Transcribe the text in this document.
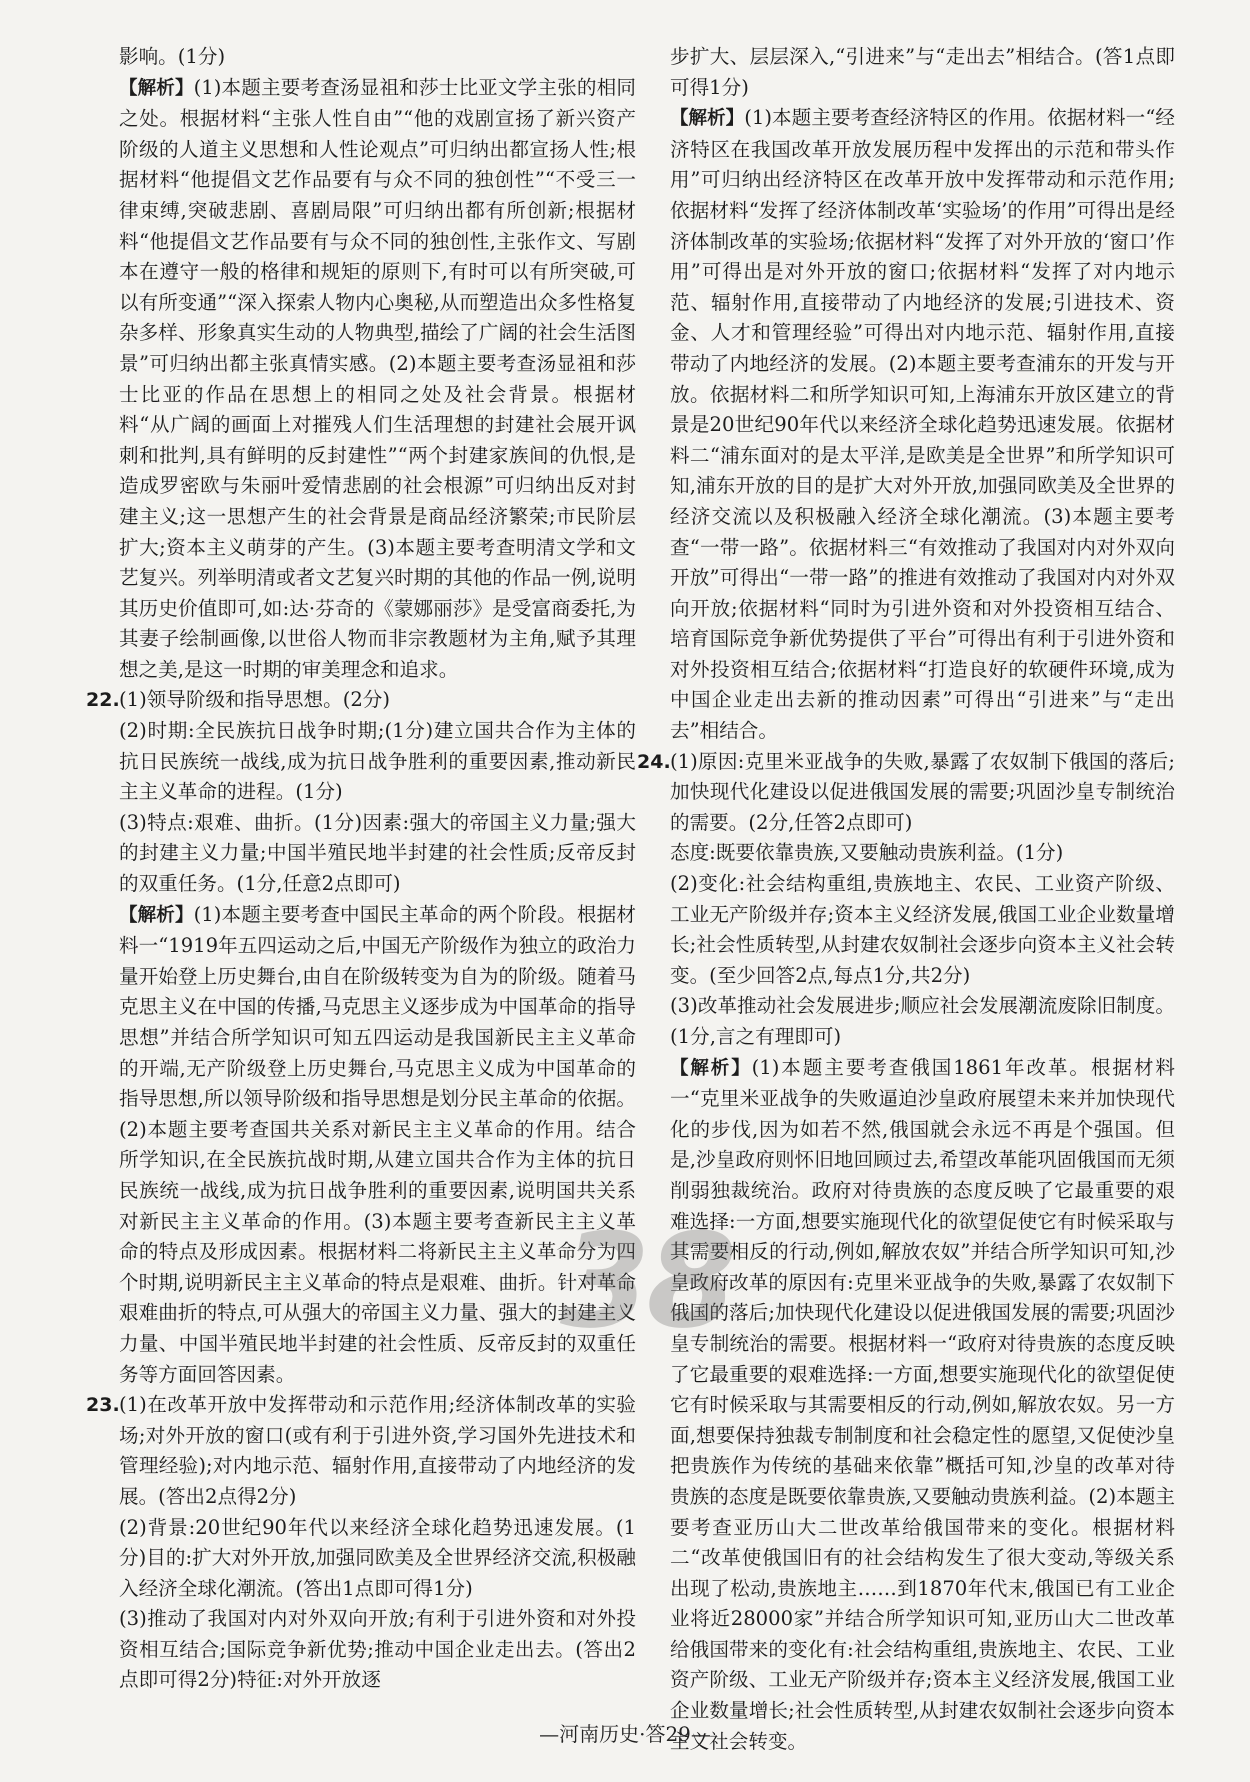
影响。(1分)

【解析】(1)本题主要考查汤显祖和莎士比亚文学主张的相同之处。根据材料“主张人性自由”“他的戏剧宣扬了新兴资产阶级的人道主义思想和人性论观点”可归纳出都宣扬人性;根据材料“他提倡文艺作品要有与众不同的独创性”“不受三一律束缚,突破悲剧、喜剧局限”可归纳出都有所创新;根据材料“他提倡文艺作品要有与众不同的独创性,主张作文、写剧本在遵守一般的格律和规矩的原则下,有时可以有所突破,可以有所变通”“深入探索人物内心奥秘,从而塑造出众多性格复杂多样、形象真实生动的人物典型,描绘了广阔的社会生活图景”可归纳出都主张真情实感。(2)本题主要考查汤显祖和莎士比亚的作品在思想上的相同之处及社会背景。根据材料“从广阔的画面上对摧残人们生活理想的封建社会展开讽刺和批判,具有鲜明的反封建性”“两个封建家族间的仇恨,是造成罗密欧与朱丽叶爱情悲剧的社会根源”可归纳出反对封建主义;这一思想产生的社会背景是商品经济繁荣;市民阶层扩大;资本主义萌芽的产生。(3)本题主要考查明清文学和文艺复兴。列举明清或者文艺复兴时期的其他的作品一例,说明其历史价值即可,如:达·芬奇的《蒙娜丽莎》是受富商委托,为其妻子绘制画像,以世俗人物而非宗教题材为主角,赋予其理想之美,是这一时期的审美理念和追求。

22. (1)领导阶级和指导思想。(2分)
(2)时期:全民族抗日战争时期;(1分)建立国共合作为主体的抗日民族统一战线,成为抗日战争胜利的重要因素,推动新民主主义革命的进程。(1分)
(3)特点:艰难、曲折。(1分)因素:强大的帝国主义力量;强大的封建主义力量;中国半殖民地半封建的社会性质;反帝反封的双重任务。(1分,任意2点即可)
【解析】(1)本题主要考查中国民主革命的两个阶段。根据材料一“1919年五四运动之后,中国无产阶级作为独立的政治力量开始登上历史舞台,由自在阶级转变为自为的阶级。随着马克思主义在中国的传播,马克思主义逐步成为中国革命的指导思想”并结合所学知识可知五四运动是我国新民主主义革命的开端,无产阶级登上历史舞台,马克思主义成为中国革命的指导思想,所以领导阶级和指导思想是划分民主革命的依据。(2)本题主要考查国共关系对新民主主义革命的作用。结合所学知识,在全民族抗战时期,从建立国共合作为主体的抗日民族统一战线,成为抗日战争胜利的重要因素,说明国共关系对新民主主义革命的作用。(3)本题主要考查新民主主义革命的特点及形成因素。根据材料二将新民主主义革命分为四个时期,说明新民主主义革命的特点是艰难、曲折。针对革命艰难曲折的特点,可从强大的帝国主义力量、强大的封建主义力量、中国半殖民地半封建的社会性质、反帝反封的双重任务等方面回答因素。
23. (1)在改革开放中发挥带动和示范作用;经济体制改革的实验场;对外开放的窗口(或有利于引进外资,学习国外先进技术和管理经验);对内地示范、辐射作用,直接带动了内地经济的发展。(答出2点得2分)
(2)背景:20世纪90年代以来经济全球化趋势迅速发展。(1分)目的:扩大对外开放,加强同欧美及全世界经济交流,积极融入经济全球化潮流。(答出1点即可得1分)
(3)推动了我国对内对外双向开放;有利于引进外资和对外投资相互结合;国际竞争新优势;推动中国企业走出去。(答出2点即可得2分)特征:对外开放逐

步扩大、层层深入,“引进来”与“走出去”相结合。(答1点即可得1分)

【解析】(1)本题主要考查经济特区的作用。依据材料一“经济特区在我国改革开放发展历程中发挥出的示范和带头作用”可归纳出经济特区在改革开放中发挥带动和示范作用;依据材料“发挥了经济体制改革‘实验场’的作用”可得出是经济体制改革的实验场;依据材料“发挥了对外开放的‘窗口’作用”可得出是对外开放的窗口;依据材料“发挥了对内地示范、辐射作用,直接带动了内地经济的发展;引进技术、资金、人才和管理经验”可得出对内地示范、辐射作用,直接带动了内地经济的发展。(2)本题主要考查浦东的开发与开放。依据材料二和所学知识可知,上海浦东开放区建立的背景是20世纪90年代以来经济全球化趋势迅速发展。依据材料二“浦东面对的是太平洋,是欧美是全世界”和所学知识可知,浦东开放的目的是扩大对外开放,加强同欧美及全世界的经济交流以及积极融入经济全球化潮流。(3)本题主要考查“一带一路”。依据材料三“有效推动了我国对内对外双向开放”可得出“一带一路”的推进有效推动了我国对内对外双向开放;依据材料“同时为引进外资和对外投资相互结合、培育国际竞争新优势提供了平台”可得出有利于引进外资和对外投资相互结合;依据材料“打造良好的软硬件环境,成为中国企业走出去新的推动因素”可得出“引进来”与“走出去”相结合。

24. (1)原因:克里米亚战争的失败,暴露了农奴制下俄国的落后;加快现代化建设以促进俄国发展的需要;巩固沙皇专制统治的需要。(2分,任答2点即可)
态度:既要依靠贵族,又要触动贵族利益。(1分)
(2)变化:社会结构重组,贵族地主、农民、工业资产阶级、工业无产阶级并存;资本主义经济发展,俄国工业企业数量增长;社会性质转型,从封建农奴制社会逐步向资本主义社会转变。(至少回答2点,每点1分,共2分)
(3)改革推动社会发展进步;顺应社会发展潮流废除旧制度。(1分,言之有理即可)
【解析】(1)本题主要考查俄国1861年改革。根据材料一“克里米亚战争的失败逼迫沙皇政府展望未来并加快现代化的步伐,因为如若不然,俄国就会永远不再是个强国。但是,沙皇政府则怀旧地回顾过去,希望改革能巩固俄国而无须削弱独裁统治。政府对待贵族的态度反映了它最重要的艰难选择:一方面,想要实施现代化的欲望促使它有时候采取与其需要相反的行动,例如,解放农奴”并结合所学知识可知,沙皇政府改革的原因有:克里米亚战争的失败,暴露了农奴制下俄国的落后;加快现代化建设以促进俄国发展的需要;巩固沙皇专制统治的需要。根据材料一“政府对待贵族的态度反映了它最重要的艰难选择:一方面,想要实施现代化的欲望促使它有时候采取与其需要相反的行动,例如,解放农奴。另一方面,想要保持独裁专制制度和社会稳定性的愿望,又促使沙皇把贵族作为传统的基础来依靠”概括可知,沙皇的改革对待贵族的态度是既要依靠贵族,又要触动贵族利益。(2)本题主要考查亚历山大二世改革给俄国带来的变化。根据材料二“改革使俄国旧有的社会结构发生了很大变动,等级关系出现了松动,贵族地主……到1870年代末,俄国已有工业企业将近28000家”并结合所学知识可知,亚历山大二世改革给俄国带来的变化有:社会结构重组,贵族地主、农民、工业资产阶级、工业无产阶级并存;资本主义经济发展,俄国工业企业数量增长;社会性质转型,从封建农奴制社会逐步向资本主义社会转变。
38
—河南历史·答29—
